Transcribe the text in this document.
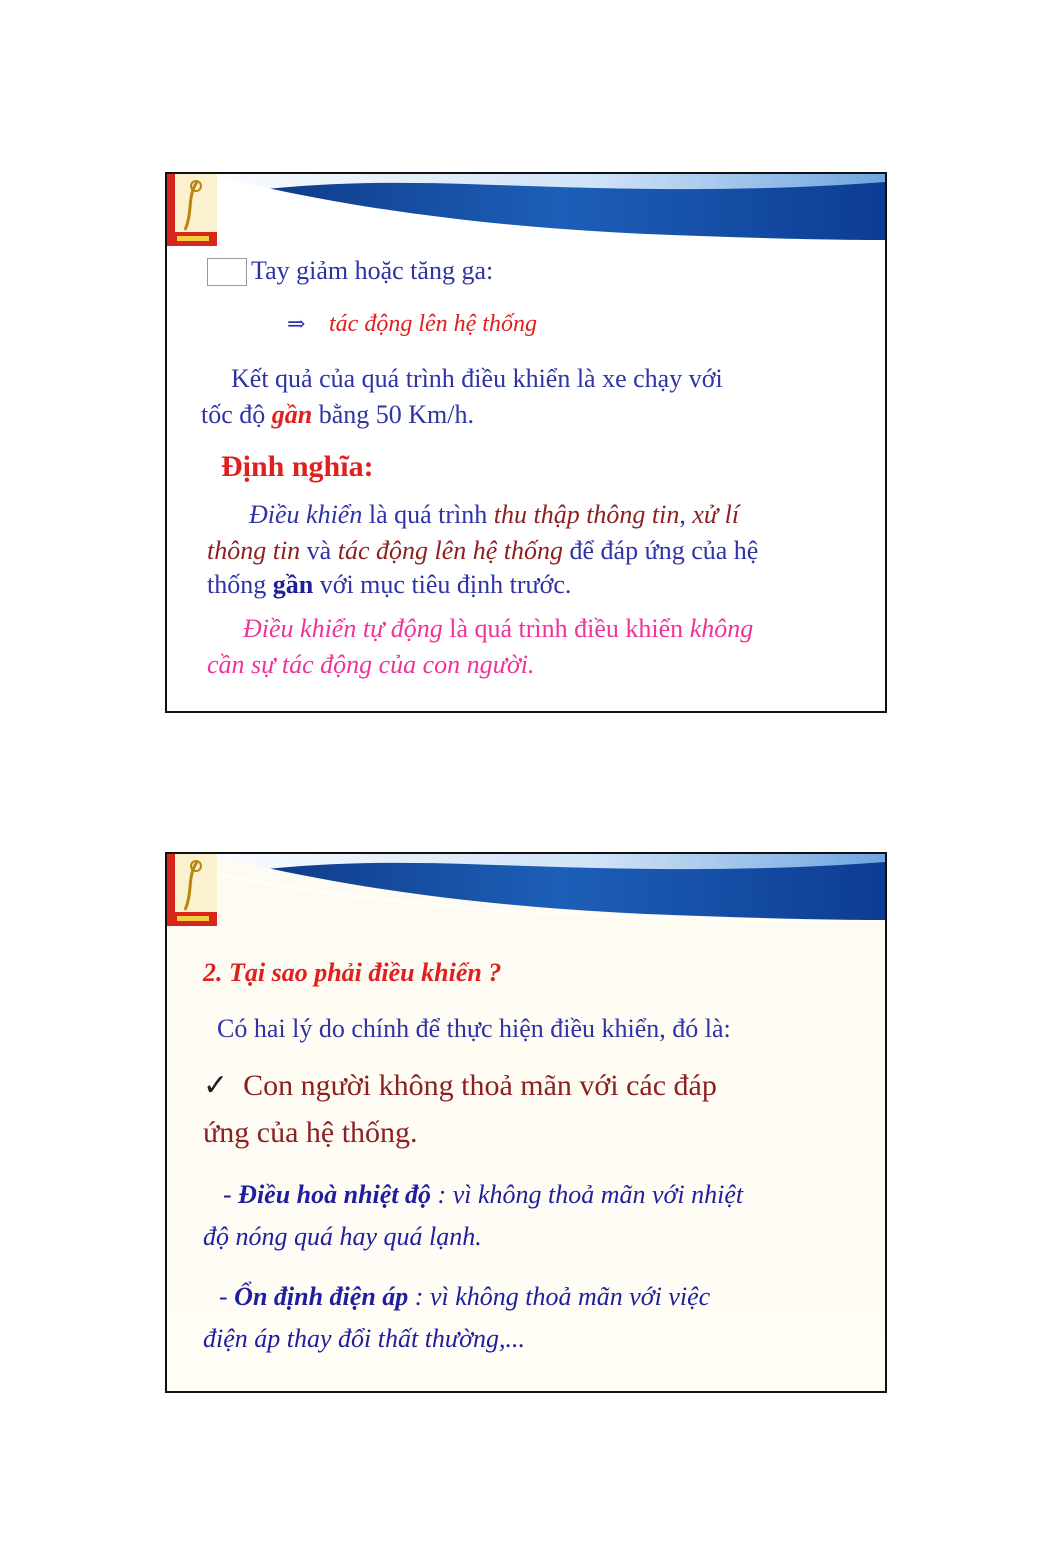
Tay giảm hoặc tăng ga:
⇒ tác động lên hệ thống
Kết quả của quá trình điều khiển là xe chạy với
tốc độ gần bằng 50 Km/h.
Định nghĩa:
Điều khiển là quá trình thu thập thông tin, xử lí
thông tin và tác động lên hệ thống để đáp ứng của hệ
thống gần với mục tiêu định trước.
Điều khiển tự động là quá trình điều khiển không
cần sự tác động của con người.
2. Tại sao phải điều khiển ?
Có hai lý do chính để thực hiện điều khiển, đó là:
✓ Con người không thoả mãn với các đáp
ứng của hệ thống.
- Điều hoà nhiệt độ : vì không thoả mãn với nhiệt
độ nóng quá hay quá lạnh.
- Ổn định điện áp : vì không thoả mãn với việc
điện áp thay đổi thất thường,...
